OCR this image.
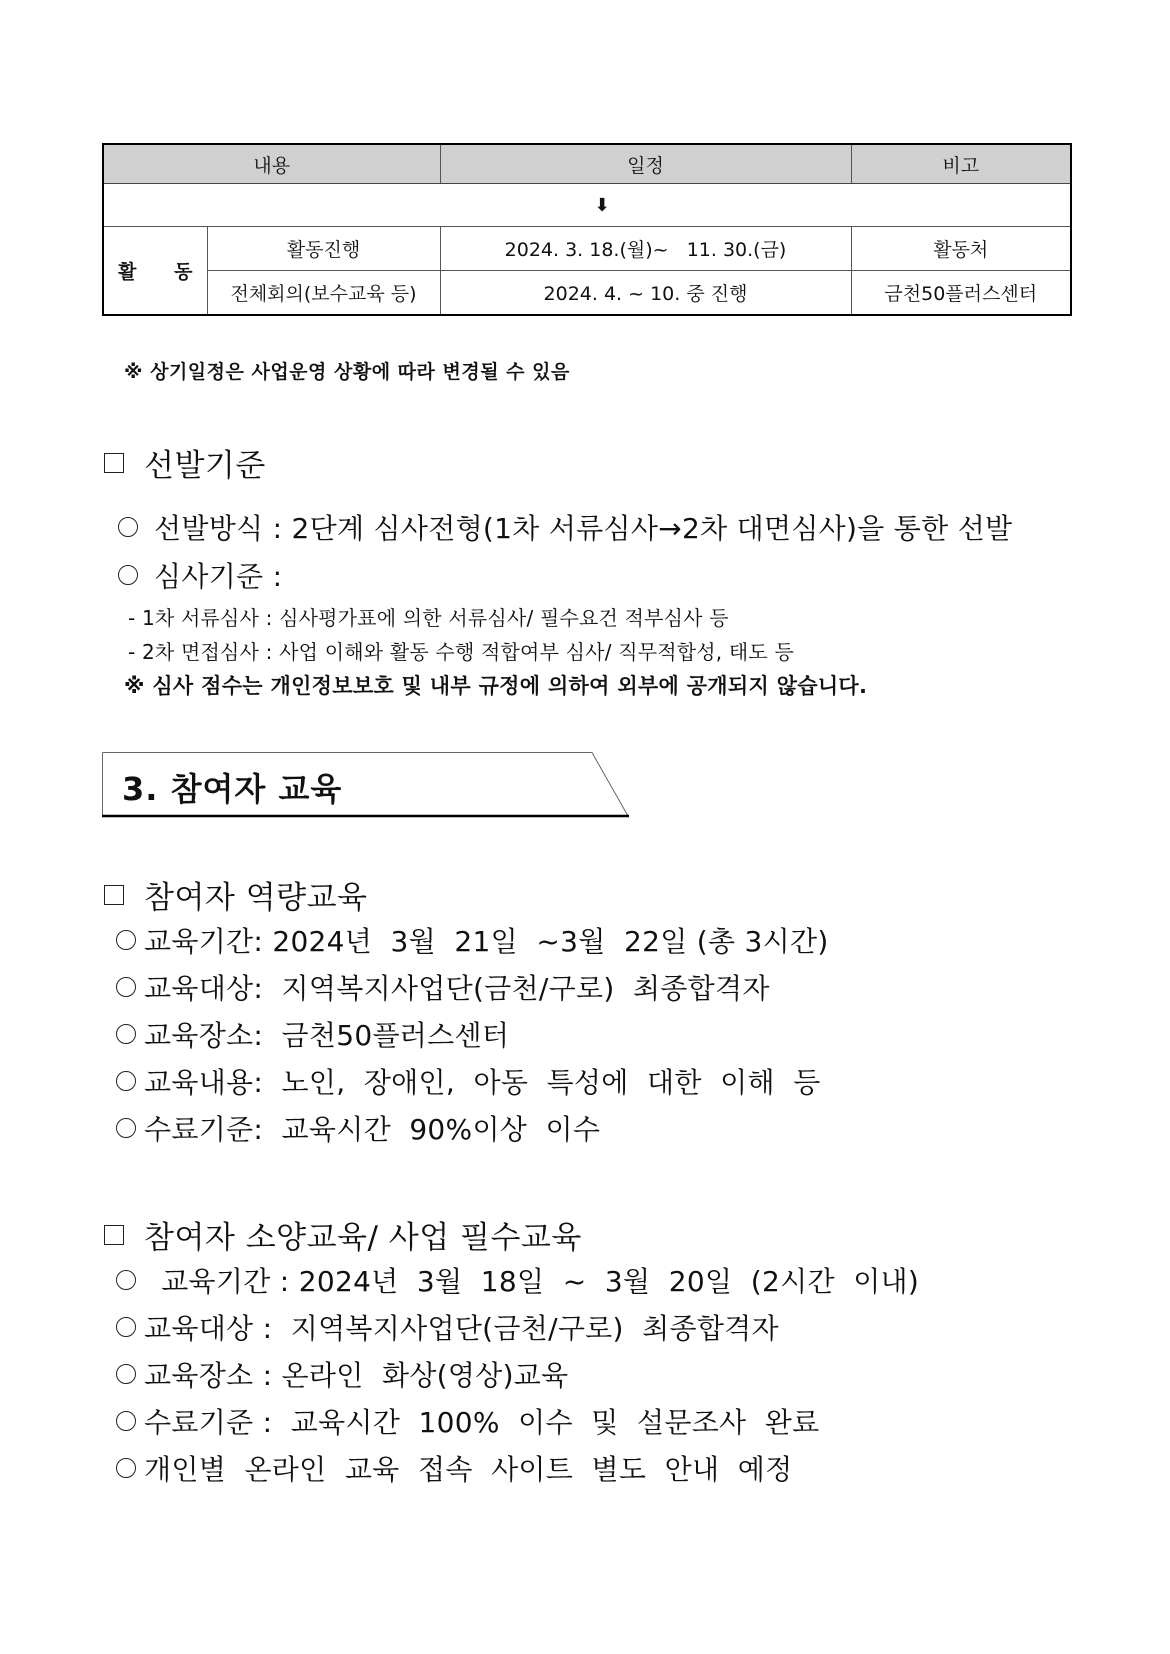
내용		일정	비고
⬇			

활 동	활동진행	2024. 3. 18.(월)~   11. 30.(금)	활동처
	전체회의(보수교육 등)	2024. 4. ~ 10. 중 진행	금천50플러스센터
※ 상기일정은 사업운영 상황에 따라 변경될 수 있음
선발기준
선발방식 : 2단계 심사전형(1차 서류심사→2차 대면심사)을 통한 선발
심사기준 :
- 1차 서류심사 : 심사평가표에 의한 서류심사/ 필수요건 적부심사 등
- 2차 면접심사 : 사업 이해와 활동 수행 적합여부 심사/ 직무적합성, 태도 등
※ 심사 점수는 개인정보보호 및 내부 규정에 의하여 외부에 공개되지 않습니다.
3. 참여자 교육
참여자 역량교육
교육기간: 2024년  3월  21일  ~3월  22일 (총 3시간)
교육대상:  지역복지사업단(금천/구로)  최종합격자
교육장소:  금천50플러스센터
교육내용:  노인,  장애인,  아동  특성에  대한  이해  등
수료기준:  교육시간  90%이상  이수
참여자 소양교육/ 사업 필수교육
교육기간 : 2024년  3월  18일  ~  3월  20일  (2시간  이내)
교육대상 :  지역복지사업단(금천/구로)  최종합격자
교육장소 : 온라인  화상(영상)교육
수료기준 :  교육시간  100%  이수  및  설문조사  완료
개인별  온라인  교육  접속  사이트  별도  안내  예정
